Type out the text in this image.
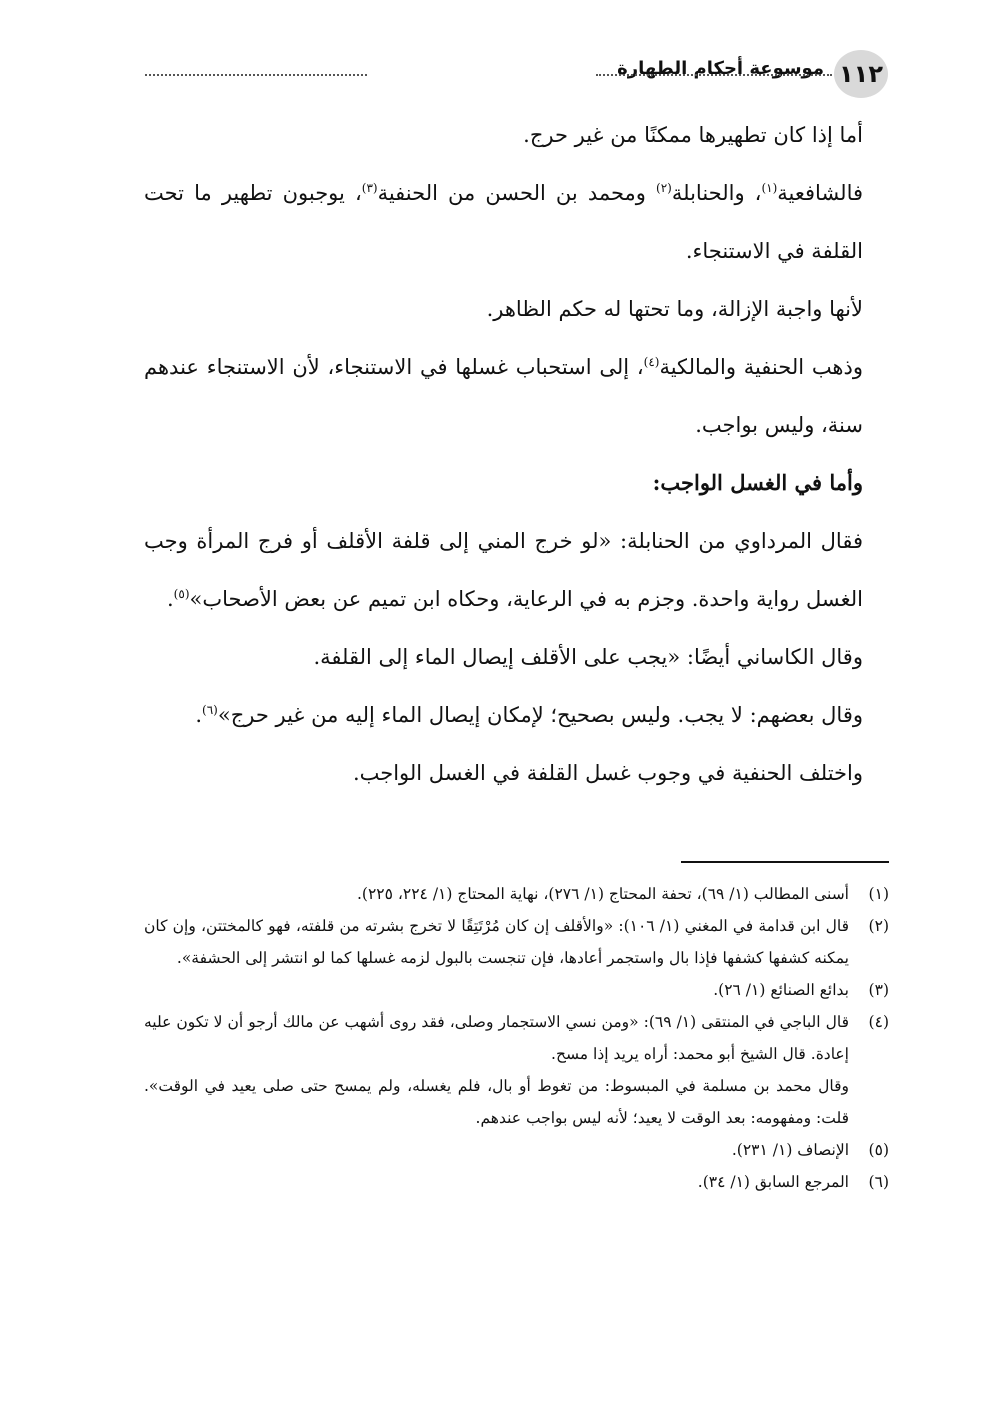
١١٢
موسوعة أحكام الطهارة

أما إذا كان تطهيرها ممكنًا من غير حرج.

فالشافعية$^{(١)}$، والحنابلة$^{(٢)}$ ومحمد بن الحسن من الحنفية$^{(٣)}$، يوجبون تطهير ما تحت القلفة في الاستنجاء.

لأنها واجبة الإزالة، وما تحتها له حكم الظاهر.

وذهب الحنفية والمالكية$^{(٤)}$، إلى استحباب غسلها في الاستنجاء، لأن الاستنجاء عندهم سنة، وليس بواجب.

وأما في الغسل الواجب:

فقال المرداوي من الحنابلة: «لو خرج المني إلى قلفة الأقلف أو فرج المرأة وجب الغسل رواية واحدة. وجزم به في الرعاية، وحكاه ابن تميم عن بعض الأصحاب»$^{(٥)}$.

وقال الكاساني أيضًا: «يجب على الأقلف إيصال الماء إلى القلفة.

وقال بعضهم: لا يجب. وليس بصحيح؛ لإمكان إيصال الماء إليه من غير حرج»$^{(٦)}$.

واختلف الحنفية في وجوب غسل القلفة في الغسل الواجب.

(١)

أسنى المطالب (١/ ٦٩)، تحفة المحتاج (١/ ٢٧٦)، نهاية المحتاج (١/ ٢٢٤، ٢٢٥).

(٢)

قال ابن قدامة في المغني (١/ ١٠٦): «والأقلف إن كان مُرْتَتِقًا لا تخرج بشرته من قلفته، فهو كالمختتن، وإن كان يمكنه كشفها كشفها فإذا بال واستجمر أعادها، فإن تنجست بالبول لزمه غسلها كما لو انتشر إلى الحشفة».

(٣)

بدائع الصنائع (١/ ٢٦).

(٤)

قال الباجي في المنتقى (١/ ٦٩): «ومن نسي الاستجمار وصلى، فقد روى أشهب عن مالك أرجو أن لا تكون عليه إعادة. قال الشيخ أبو محمد: أراه يريد إذا مسح.

وقال محمد بن مسلمة في المبسوط: من تغوط أو بال، فلم يغسله، ولم يمسح حتى صلى يعيد في الوقت». قلت: ومفهومه: بعد الوقت لا يعيد؛ لأنه ليس بواجب عندهم.

(٥)

الإنصاف (١/ ٢٣١).

(٦)

المرجع السابق (١/ ٣٤).
